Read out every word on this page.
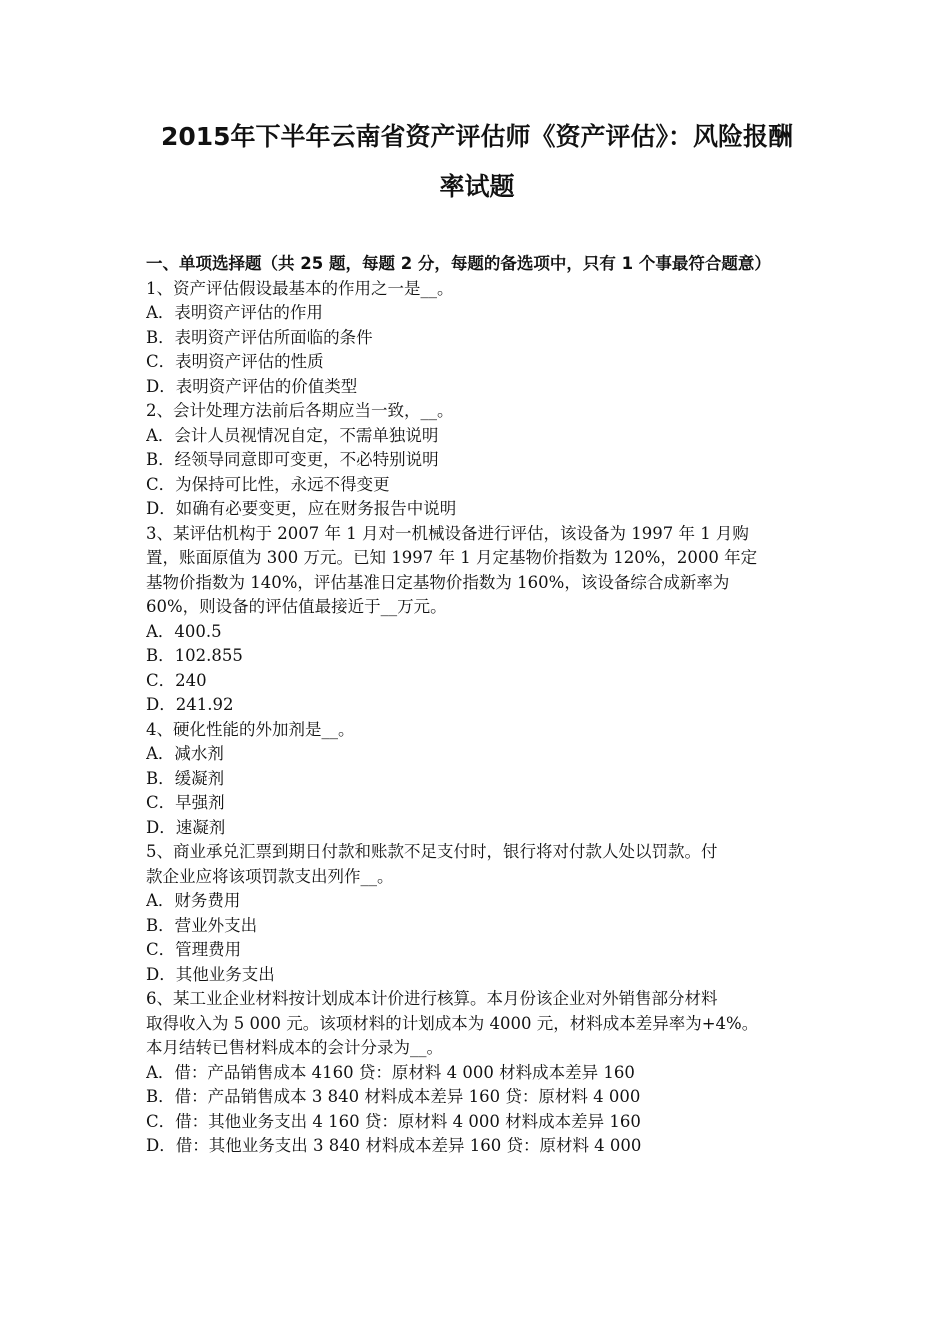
2015年下半年云南省资产评估师《资产评估》：风险报酬
率试题
一、单项选择题（共 25 题，每题 2 分，每题的备选项中，只有 1 个事最符合题意）
1、资产评估假设最基本的作用之一是__。
A．表明资产评估的作用
B．表明资产评估所面临的条件
C．表明资产评估的性质
D．表明资产评估的价值类型
2、会计处理方法前后各期应当一致，__。
A．会计人员视情况自定，不需单独说明
B．经领导同意即可变更，不必特别说明
C．为保持可比性，永远不得变更
D．如确有必要变更，应在财务报告中说明
3、某评估机构于 2007 年 1 月对一机械设备进行评估，该设备为 1997 年 1 月购
置，账面原值为 300 万元。已知 1997 年 1 月定基物价指数为 120%，2000 年定
基物价指数为 140%，评估基准日定基物价指数为 160%，该设备综合成新率为
60%，则设备的评估值最接近于__万元。
A．400.5
B．102.855
C．240
D．241.92
4、硬化性能的外加剂是__。
A．减水剂
B．缓凝剂
C．早强剂
D．速凝剂
5、商业承兑汇票到期日付款和账款不足支付时，银行将对付款人处以罚款。付
款企业应将该项罚款支出列作__。
A．财务费用
B．营业外支出
C．管理费用
D．其他业务支出
6、某工业企业材料按计划成本计价进行核算。本月份该企业对外销售部分材料
取得收入为 5 000 元。该项材料的计划成本为 4000 元，材料成本差异率为+4%。
本月结转已售材料成本的会计分录为__。
A．借：产品销售成本 4160 贷：原材料 4 000 材料成本差异 160
B．借：产品销售成本 3 840 材料成本差异 160 贷：原材料 4 000
C．借：其他业务支出 4 160 贷：原材料 4 000 材料成本差异 160
D．借：其他业务支出 3 840 材料成本差异 160 贷：原材料 4 000
